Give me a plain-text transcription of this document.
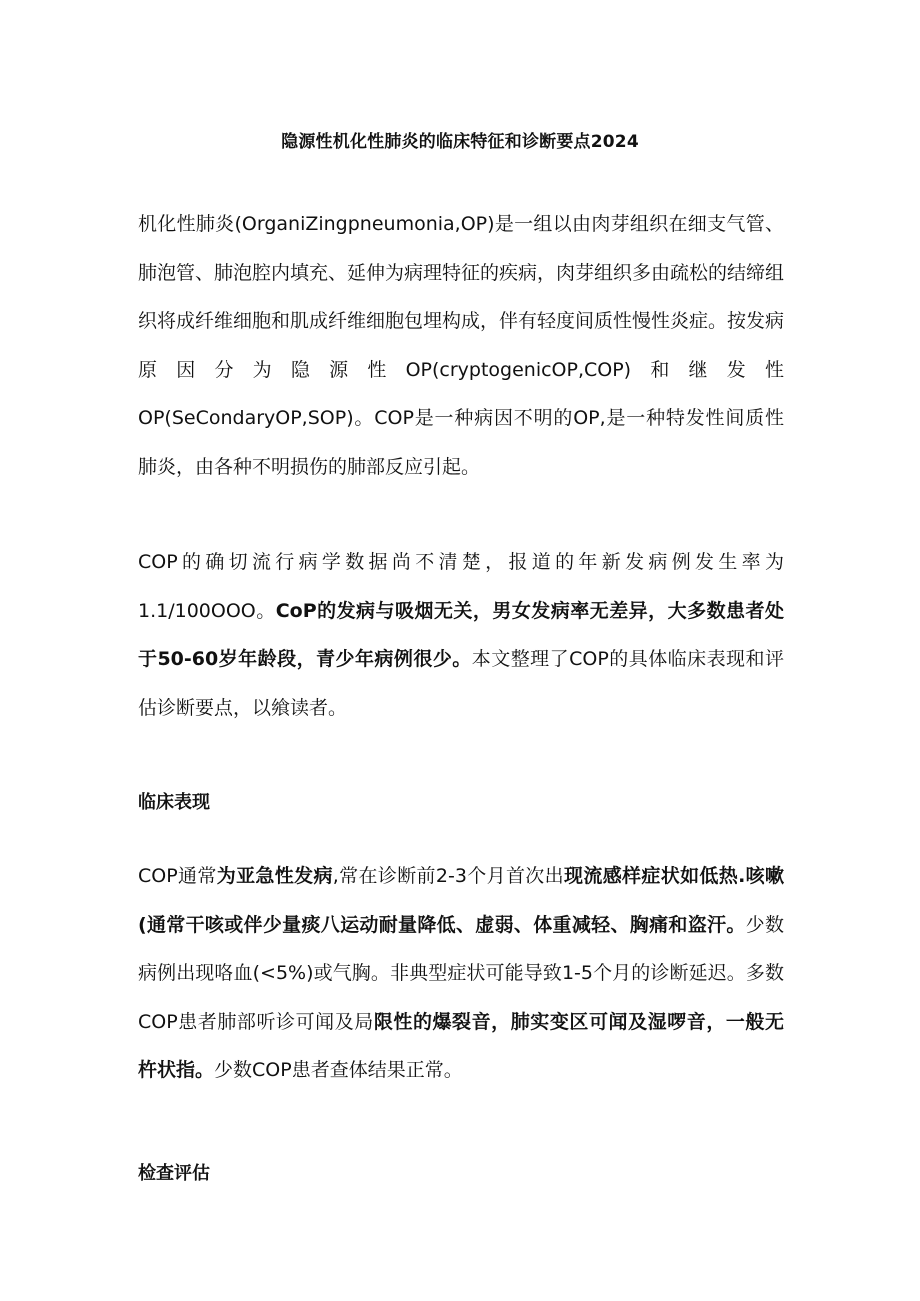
隐源性机化性肺炎的临床特征和诊断要点2024

机化性肺炎(OrganiZingpneumonia,OP)是一组以由肉芽组织在细支气管、肺泡管、肺泡腔内填充、延伸为病理特征的疾病，肉芽组织多由疏松的结缔组织将成纤维细胞和肌成纤维细胞包埋构成，伴有轻度间质性慢性炎症。按发病原因分为隐源性OP(cryptogenicOP,COP)和继发性OP(SeCondaryOP,SOP)。COP是一种病因不明的OP,是一种特发性间质性肺炎，由各种不明损伤的肺部反应引起。

COP的确切流行病学数据尚不清楚，报道的年新发病例发生率为1.1/100OOO。CoP的发病与吸烟无关，男女发病率无差异，大多数患者处于50-60岁年龄段，青少年病例很少。本文整理了COP的具体临床表现和评估诊断要点，以飨读者。

临床表现

COP通常为亚急性发病,常在诊断前2-3个月首次出现流感样症状如低热.咳嗽(通常干咳或伴少量痰八运动耐量降低、虚弱、体重减轻、胸痛和盗汗。少数病例出现咯血(<5%)或气胸。非典型症状可能导致1-5个月的诊断延迟。多数COP患者肺部听诊可闻及局限性的爆裂音，肺实变区可闻及湿啰音，一般无杵状指。少数COP患者查体结果正常。

检查评估
